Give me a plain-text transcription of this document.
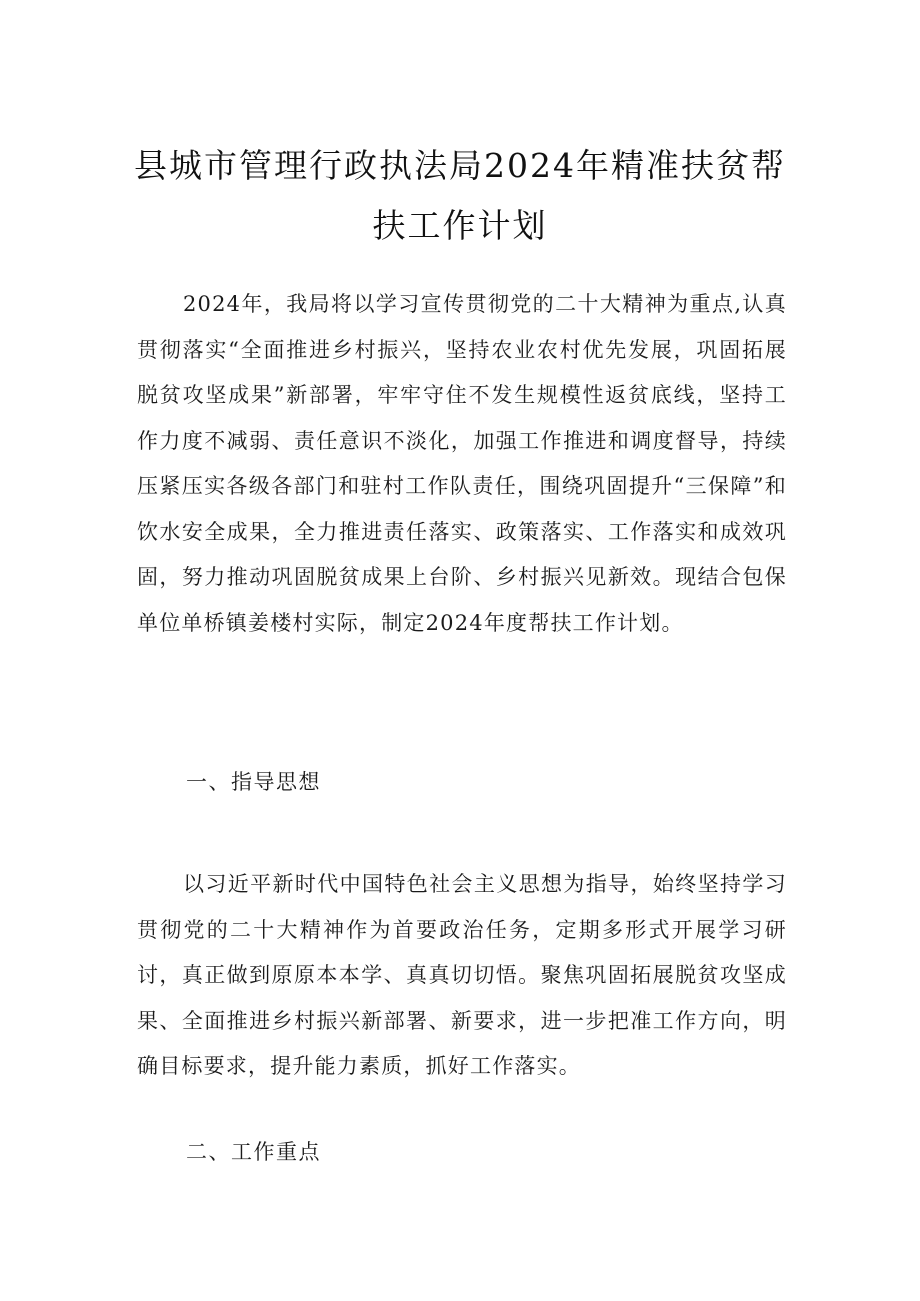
县城市管理行政执法局2024年精准扶贫帮
扶工作计划

2024年，我局将以学习宣传贯彻党的二十大精神为重点,认真贯彻落实“全面推进乡村振兴，坚持农业农村优先发展，巩固拓展脱贫攻坚成果”新部署，牢牢守住不发生规模性返贫底线，坚持工作力度不减弱、责任意识不淡化，加强工作推进和调度督导，持续压紧压实各级各部门和驻村工作队责任，围绕巩固提升“三保障”和饮水安全成果，全力推进责任落实、政策落实、工作落实和成效巩固，努力推动巩固脱贫成果上台阶、乡村振兴见新效。现结合包保单位单桥镇姜楼村实际，制定2024年度帮扶工作计划。

一、指导思想

以习近平新时代中国特色社会主义思想为指导，始终坚持学习贯彻党的二十大精神作为首要政治任务，定期多形式开展学习研讨，真正做到原原本本学、真真切切悟。聚焦巩固拓展脱贫攻坚成果、全面推进乡村振兴新部署、新要求，进一步把准工作方向，明确目标要求，提升能力素质，抓好工作落实。

二、工作重点
